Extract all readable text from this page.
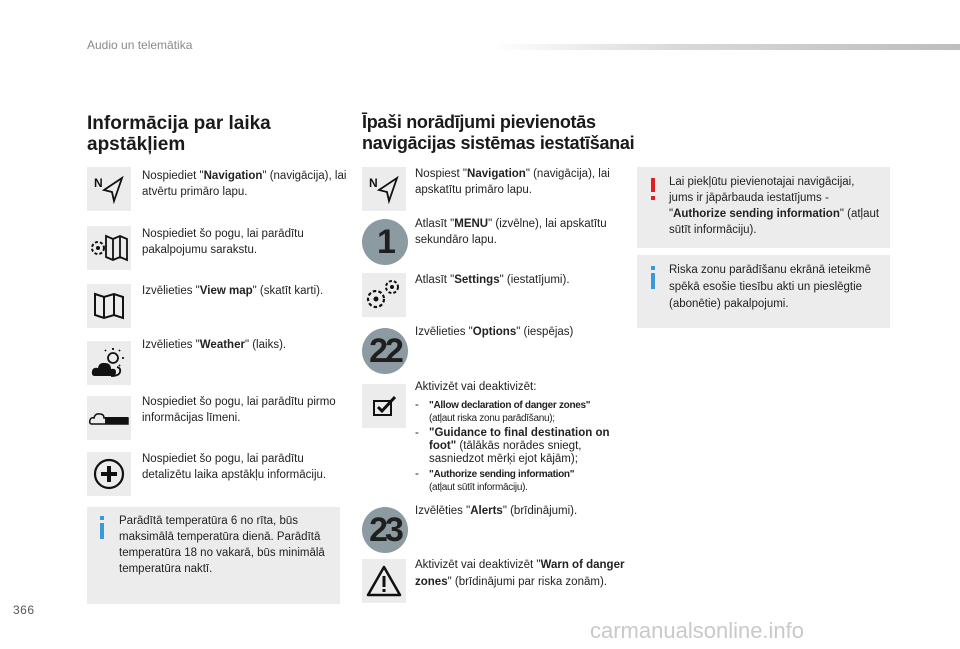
Audio un telemātika
Informācija par laika apstākļiem
N	Nospiediet "Navigation" (navigācija), lai atvērtu primāro lapu.
Nospiediet šo pogu, lai parādītu pakalpojumu sarakstu.
Izvēlieties "View map" (skatīt karti).
Izvēlieties "Weather" (laiks).
Nospiediet šo pogu, lai parādītu pirmo informācijas līmeni.
Nospiediet šo pogu, lai parādītu detalizētu laika apstākļu informāciju.
Parādītā temperatūra 6 no rīta, būs maksimālā temperatūra dienā. Parādītā temperatūra 18 no vakarā, būs minimālā temperatūra naktī.
Īpaši norādījumi pievienotās navigācijas sistēmas iestatīšanai
N
Nospiest "Navigation" (navigācija), lai apskatītu primāro lapu.
1	Atlasīt "MENU" (izvēlne), lai apskatītu sekundāro lapu.
Atlasīt "Settings" (iestatījumi).
22	Izvēlieties "Options" (iespējas)
Aktivizēt vai deaktivizēt:
-	"Allow declaration of danger zones"
(atļaut riska zonu parādīšanu);
- "Guidance to final destination on foot" (tālākās norādes sniegt, sasniedzot mērķi ejot kājām);
-	"Authorize sending information"
(atļaut sūtīt informāciju).
23	Izvēlēties "Alerts" (brīdinājumi).
Aktivizēt vai deaktivizēt "Warn of danger zones" (brīdinājumi par riska zonām).
Lai piekļūtu pievienotajai navigācijai, jums ir jāpārbauda iestatījums - "Authorize sending information" (atļaut sūtīt informāciju).
Riska zonu parādīšanu ekrānā ieteikmē spēkā esošie tiesību akti un pieslēgtie (abonētie) pakalpojumi.
366
carmanualsonline.info
